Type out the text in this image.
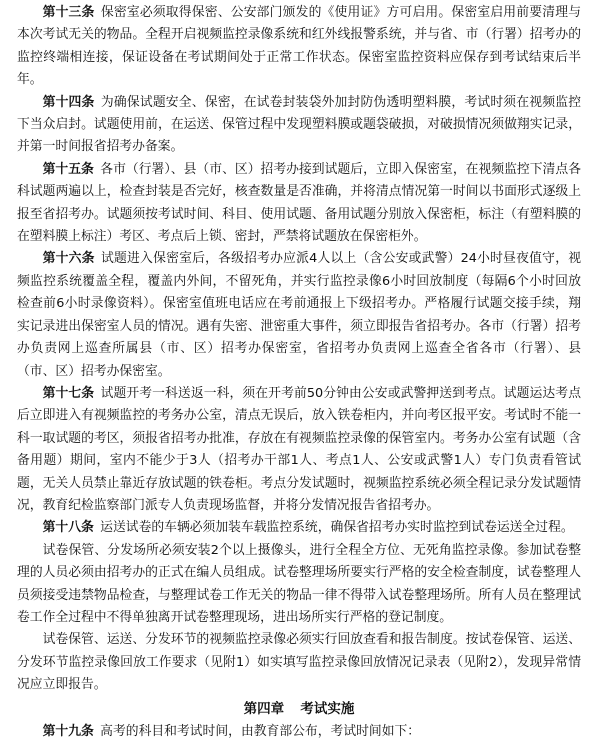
第十三条 保密室必须取得保密、公安部门颁发的《使用证》方可启用。保密室启用前要清理与本次考试无关的物品。全程开启视频监控录像系统和红外线报警系统，并与省、市（行署）招考办的监控终端相连接，保证设备在考试期间处于正常工作状态。保密室监控资料应保存到考试结束后半年。

第十四条 为确保试题安全、保密，在试卷封装袋外加封防伪透明塑料膜，考试时须在视频监控下当众启封。试题使用前，在运送、保管过程中发现塑料膜或题袋破损，对破损情况须做翔实记录，并第一时间报省招考办备案。

第十五条 各市（行署）、县（市、区）招考办接到试题后，立即入保密室，在视频监控下清点各科试题两遍以上，检查封装是否完好，核查数量是否准确，并将清点情况第一时间以书面形式逐级上报至省招考办。试题须按考试时间、科目、使用试题、备用试题分别放入保密柜，标注（有塑料膜的在塑料膜上标注）考区、考点后上锁、密封，严禁将试题放在保密柜外。

第十六条 试题进入保密室后，各级招考办应派4人以上（含公安或武警）24小时昼夜值守，视频监控系统覆盖全程，覆盖内外间，不留死角，并实行监控录像6小时回放制度（每隔6个小时回放检查前6小时录像资料）。保密室值班电话应在考前通报上下级招考办。严格履行试题交接手续，翔实记录进出保密室人员的情况。遇有失密、泄密重大事件，须立即报告省招考办。各市（行署）招考办负责网上巡查所属县（市、区）招考办保密室，省招考办负责网上巡查全省各市（行署）、县（市、区）招考办保密室。

第十七条 试题开考一科送返一科，须在开考前50分钟由公安或武警押送到考点。试题运达考点后立即进入有视频监控的考务办公室，清点无误后，放入铁卷柜内，并向考区报平安。考试时不能一科一取试题的考区，须报省招考办批准，存放在有视频监控录像的保管室内。考务办公室有试题（含备用题）期间，室内不能少于3人（招考办干部1人、考点1人、公安或武警1人）专门负责看管试题，无关人员禁止靠近存放试题的铁卷柜。考点分发试题时，视频监控系统必须全程记录分发试题情况，教育纪检监察部门派专人负责现场监督，并将分发情况报告省招考办。

第十八条 运送试卷的车辆必须加装车载监控系统，确保省招考办实时监控到试卷运送全过程。

试卷保管、分发场所必须安装2个以上摄像头，进行全程全方位、无死角监控录像。参加试卷整理的人员必须由招考办的正式在编人员组成。试卷整理场所要实行严格的安全检查制度，试卷整理人员须接受违禁物品检查，与整理试卷工作无关的物品一律不得带入试卷整理场所。所有人员在整理试卷工作全过程中不得单独离开试卷整理现场，进出场所实行严格的登记制度。

试卷保管、运送、分发环节的视频监控录像必须实行回放查看和报告制度。按试卷保管、运送、分发环节监控录像回放工作要求（见附1）如实填写监控录像回放情况记录表（见附2），发现异常情况应立即报告。

第四章 考试实施

第十九条 高考的科目和考试时间，由教育部公布，考试时间如下：
